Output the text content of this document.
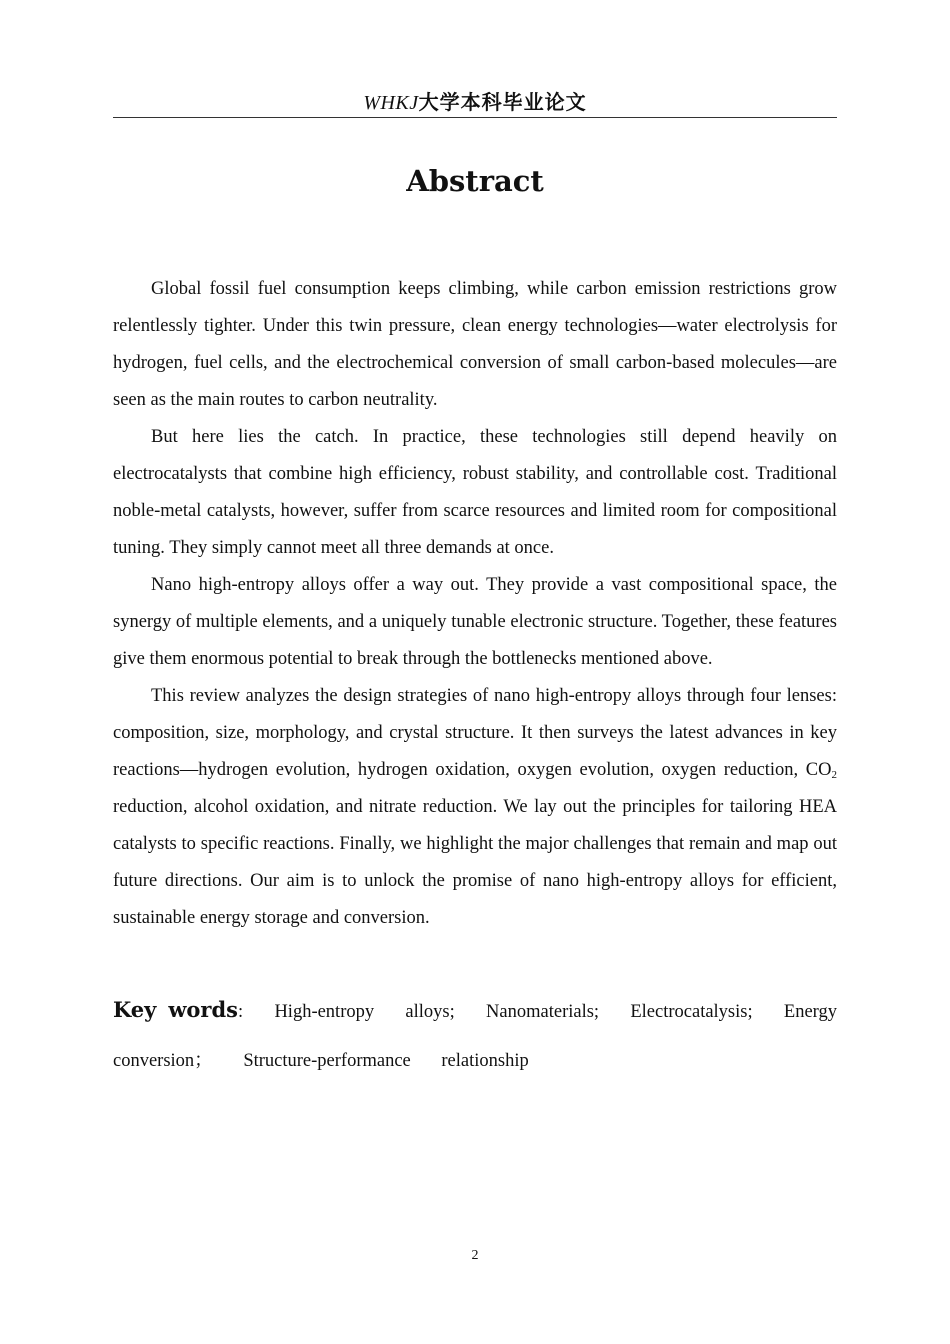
WHKJ大学本科毕业论文
Abstract

Global fossil fuel consumption keeps climbing, while carbon emission restrictions grow relentlessly tighter. Under this twin pressure, clean energy technologies—water electrolysis for hydrogen, fuel cells, and the electrochemical conversion of small carbon-based molecules—are seen as the main routes to carbon neutrality.

But here lies the catch. In practice, these technologies still depend heavily on electrocatalysts that combine high efficiency, robust stability, and controllable cost. Traditional noble-metal catalysts, however, suffer from scarce resources and limited room for compositional tuning. They simply cannot meet all three demands at once.

Nano high-entropy alloys offer a way out. They provide a vast compositional space, the synergy of multiple elements, and a uniquely tunable electronic structure. Together, these features give them enormous potential to break through the bottlenecks mentioned above.

This review analyzes the design strategies of nano high-entropy alloys through four lenses: composition, size, morphology, and crystal structure. It then surveys the latest advances in key reactions—hydrogen evolution, hydrogen oxidation, oxygen evolution, oxygen reduction, $CO_2$ reduction, alcohol oxidation, and nitrate reduction. We lay out the principles for tailoring HEA catalysts to specific reactions. Finally, we highlight the major challenges that remain and map out future directions. Our aim is to unlock the promise of nano high-entropy alloys for efficient, sustainable energy storage and conversion.

Key words: High-entropy alloys; Nanomaterials; Electrocatalysis; Energy conversion； Structure-performance relationship
2
